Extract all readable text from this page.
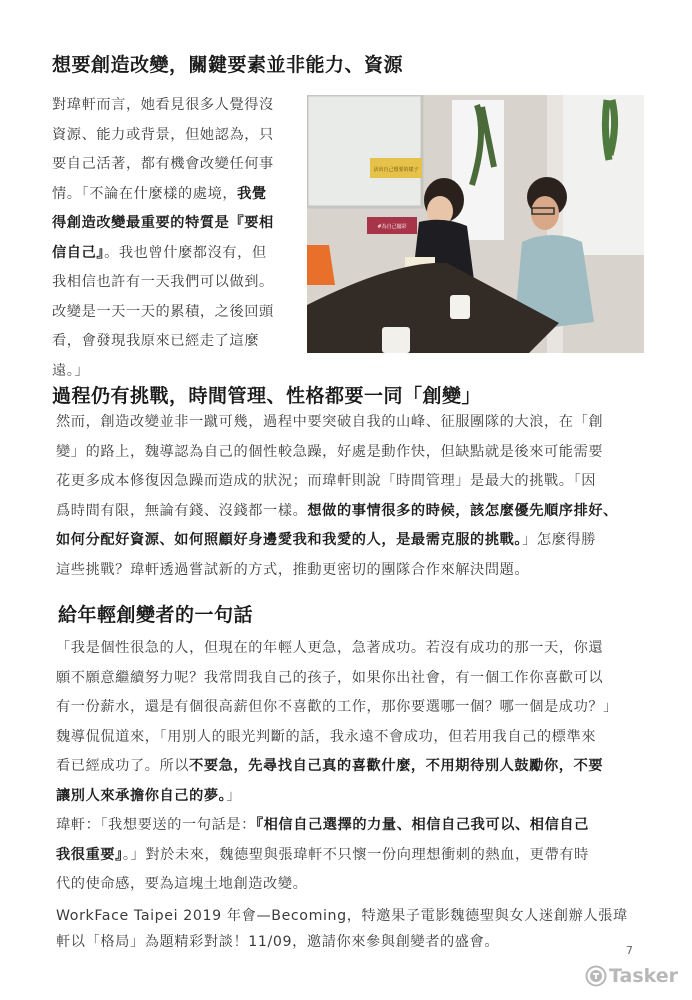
想要創造改變，關鍵要素並非能力、資源
對瑋軒而言，她看見很多人覺得沒
資源、能力或背景，但她認為，只
要自己活著，都有機會改變任何事
情。「不論在什麼樣的處境，我覺
得創造改變最重要的特質是『要相
信自己』。我也曾什麼都沒有，但
我相信也許有一天我們可以做到。
改變是一天一天的累積，之後回頭
看，會發現我原來已經走了這麼
遠。」
活出自己想要的樣子
#為自己擺彩
過程仍有挑戰，時間管理、性格都要一同「創變」
然而，創造改變並非一蹴可幾，過程中要突破自我的山峰、征服團隊的大浪，在「創
變」的路上，魏導認為自己的個性較急躁，好處是動作快，但缺點就是後來可能需要
花更多成本修復因急躁而造成的狀況；而瑋軒則說「時間管理」是最大的挑戰。「因
爲時間有限，無論有錢、沒錢都一樣。想做的事情很多的時候，該怎麼優先順序排好、
如何分配好資源、如何照顧好身邊愛我和我愛的人，是最需克服的挑戰。」怎麼得勝
這些挑戰？瑋軒透過嘗試新的方式，推動更密切的團隊合作來解決問題。
給年輕創變者的一句話
「我是個性很急的人，但現在的年輕人更急，急著成功。若沒有成功的那一天，你還
願不願意繼續努力呢？我常問我自己的孩子，如果你出社會，有一個工作你喜歡可以
有一份薪水，還是有個很高薪但你不喜歡的工作，那你要選哪一個？哪一個是成功？」
魏導侃侃道來，「用別人的眼光判斷的話，我永遠不會成功，但若用我自己的標準來
看已經成功了。所以不要急，先尋找自己真的喜歡什麼，不用期待別人鼓勵你，不要
讓別人來承擔你自己的夢。」
瑋軒：「我想要送的一句話是：『相信自己選擇的力量、相信自己我可以、相信自己
我很重要』。」對於未來，魏德聖與張瑋軒不只懷一份向理想衝刺的熱血，更帶有時
代的使命感，要為這塊土地創造改變。
WorkFace Taipei 2019 年會—Becoming，特邀果子電影魏德聖與女人迷創辦人張瑋
軒以「格局」為題精彩對談！11/09，邀請你來參與創變者的盛會。
7
Tasker
